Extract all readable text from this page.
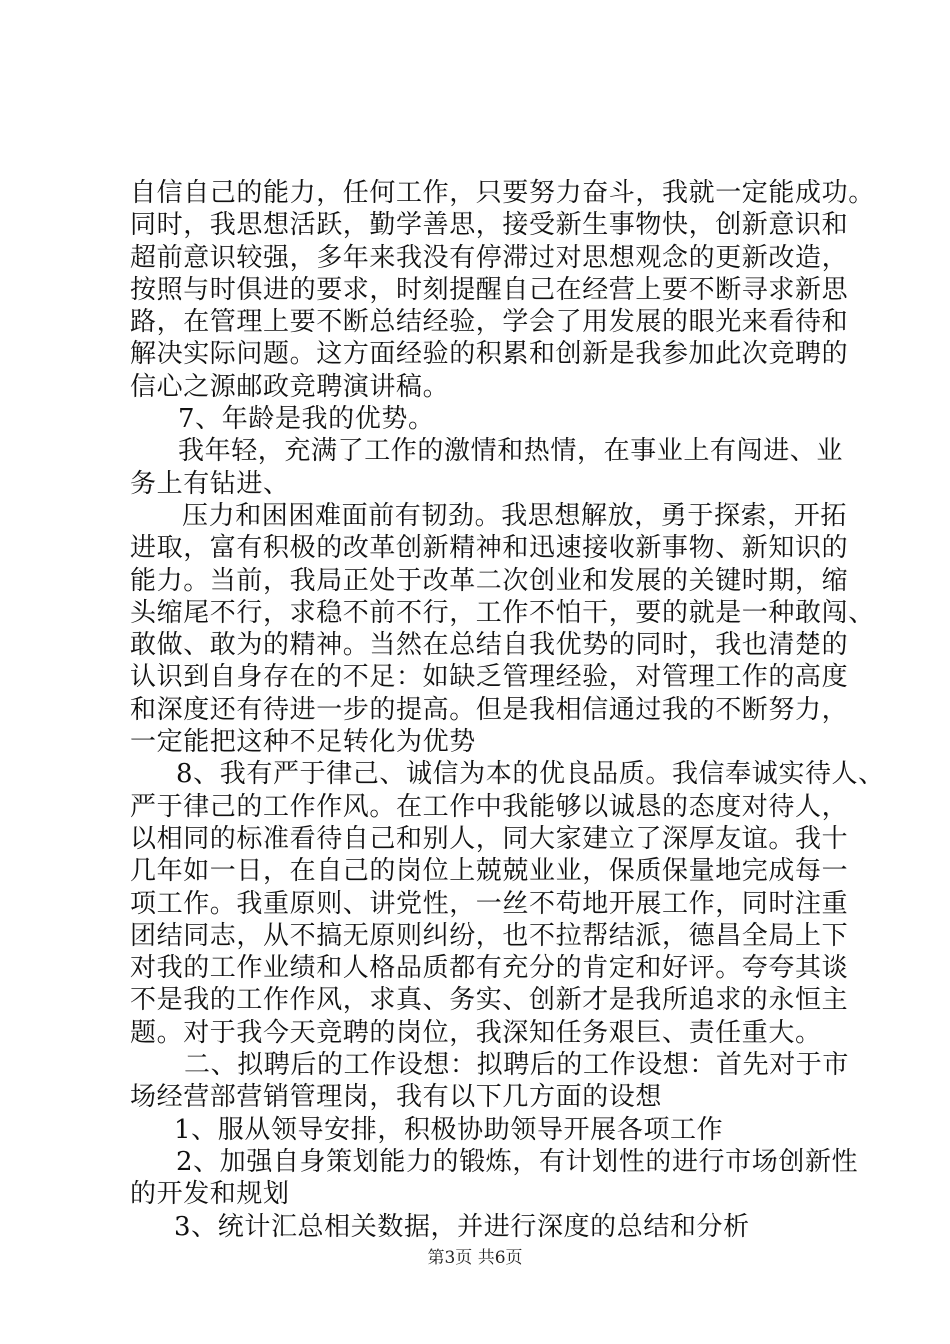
自信自己的能力，任何工作，只要努力奋斗，我就一定能成功。
同时，我思想活跃，勤学善思，接受新生事物快，创新意识和
超前意识较强，多年来我没有停滞过对思想观念的更新改造，
按照与时俱进的要求，时刻提醒自己在经营上要不断寻求新思
路，在管理上要不断总结经验，学会了用发展的眼光来看待和
解决实际问题。这方面经验的积累和创新是我参加此次竞聘的
信心之源邮政竞聘演讲稿。
7、年龄是我的优势。
我年轻，充满了工作的激情和热情，在事业上有闯进、业
务上有钻进、
压力和困困难面前有韧劲。我思想解放，勇于探索，开拓
进取，富有积极的改革创新精神和迅速接收新事物、新知识的
能力。当前，我局正处于改革二次创业和发展的关键时期，缩
头缩尾不行，求稳不前不行，工作不怕干，要的就是一种敢闯、
敢做、敢为的精神。当然在总结自我优势的同时，我也清楚的
认识到自身存在的不足：如缺乏管理经验，对管理工作的高度
和深度还有待进一步的提高。但是我相信通过我的不断努力，
一定能把这种不足转化为优势
8、我有严于律己、诚信为本的优良品质。我信奉诚实待人、
严于律己的工作作风。在工作中我能够以诚恳的态度对待人，
以相同的标准看待自己和别人，同大家建立了深厚友谊。我十
几年如一日，在自己的岗位上兢兢业业，保质保量地完成每一
项工作。我重原则、讲党性，一丝不苟地开展工作，同时注重
团结同志，从不搞无原则纠纷，也不拉帮结派，德昌全局上下
对我的工作业绩和人格品质都有充分的肯定和好评。夸夸其谈
不是我的工作作风，求真、务实、创新才是我所追求的永恒主
题。对于我今天竞聘的岗位，我深知任务艰巨、责任重大。
二、拟聘后的工作设想：拟聘后的工作设想：首先对于市
场经营部营销管理岗，我有以下几方面的设想
1、服从领导安排，积极协助领导开展各项工作
2、加强自身策划能力的锻炼，有计划性的进行市场创新性
的开发和规划
3、统计汇总相关数据，并进行深度的总结和分析
第3页 共6页
